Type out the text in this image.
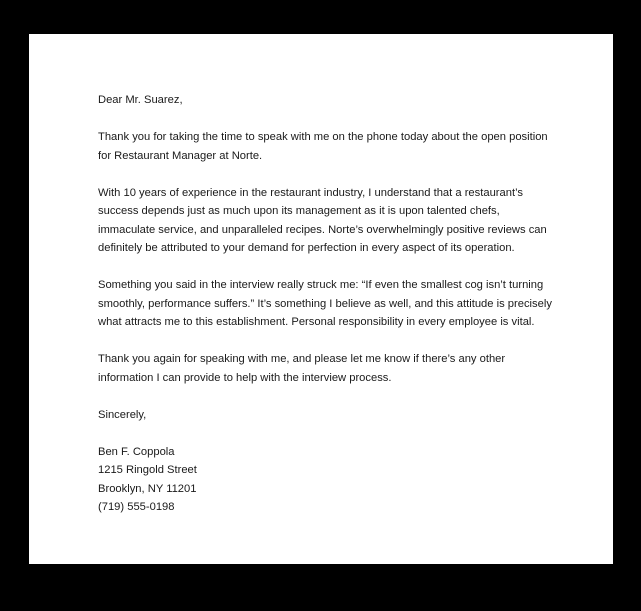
Dear Mr. Suarez,

Thank you for taking the time to speak with me on the phone today about the open position for Restaurant Manager at Norte.

With 10 years of experience in the restaurant industry, I understand that a restaurant’s success depends just as much upon its management as it is upon talented chefs, immaculate service, and unparalleled recipes. Norte’s overwhelmingly positive reviews can definitely be attributed to your demand for perfection in every aspect of its operation.

Something you said in the interview really struck me: “If even the smallest cog isn’t turning smoothly, performance suffers.” It’s something I believe as well, and this attitude is precisely what attracts me to this establishment. Personal responsibility in every employee is vital.

Thank you again for speaking with me, and please let me know if there’s any other information I can provide to help with the interview process.

Sincerely,

Ben F. Coppola

1215 Ringold Street

Brooklyn, NY 11201

(719) 555-0198
